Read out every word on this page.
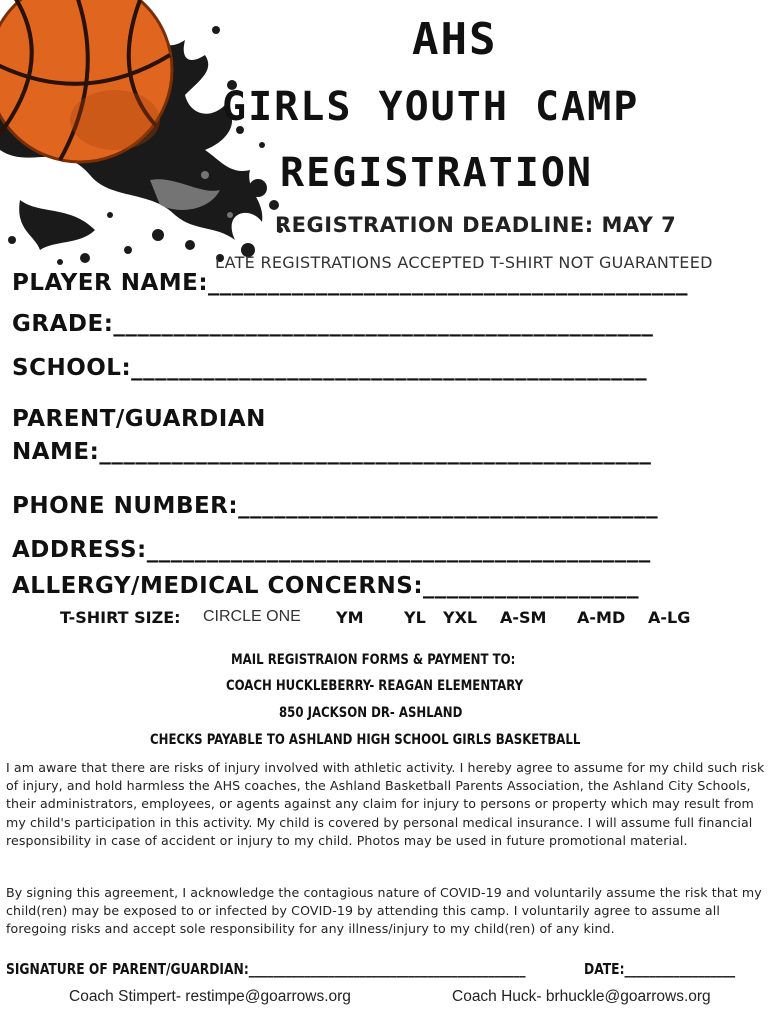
AHS
GIRLS YOUTH CAMP
REGISTRATION
REGISTRATION DEADLINE: MAY 7
LATE REGISTRATIONS ACCEPTED T-SHIRT NOT GUARANTEED
PLAYER NAME:________________________________________
GRADE:_____________________________________________
SCHOOL:___________________________________________
PARENT/GUARDIAN
NAME:______________________________________________
PHONE NUMBER:___________________________________
ADDRESS:__________________________________________
ALLERGY/MEDICAL CONCERNS:__________________
T-SHIRT SIZE: CIRCLE ONE YM	YL YXL A-SM A-MD A-LG
MAIL REGISTRAION FORMS & PAYMENT TO:
COACH HUCKLEBERRY- REAGAN ELEMENTARY
850 JACKSON DR- ASHLAND
CHECKS PAYABLE TO ASHLAND HIGH SCHOOL GIRLS BASKETBALL
I am aware that there are risks of injury involved with athletic activity. I hereby agree to assume for my child such risk of injury, and hold harmless the AHS coaches, the Ashland Basketball Parents Association, the Ashland City Schools, their administrators, employees, or agents against any claim for injury to persons or property which may result from my child's participation in this activity. My child is covered by personal medical insurance. I will assume full financial responsibility in case of accident or injury to my child. Photos may be used in future promotional material.
By signing this agreement, I acknowledge the contagious nature of COVID-19 and voluntarily assume the risk that my child(ren) may be exposed to or infected by COVID-19 by attending this camp. I voluntarily agree to assume all foregoing risks and accept sole responsibility for any illness/injury to my child(ren) of any kind.
SIGNATURE OF PARENT/GUARDIAN:_____________________________________________	DATE:__________________
Coach Stimpert- restimpe@goarrows.org	Coach Huck- brhuckle@goarrows.org
